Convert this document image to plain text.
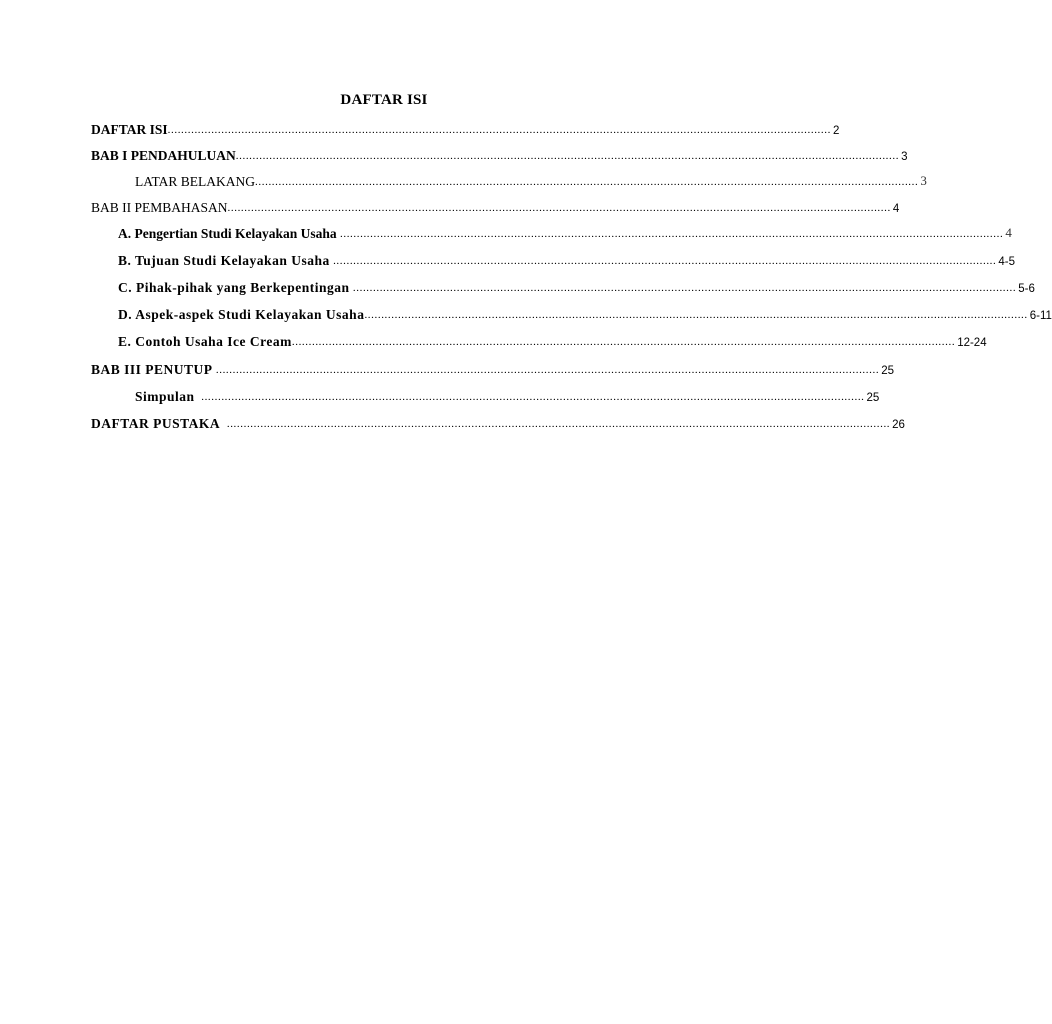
DAFTAR ISI
DAFTAR ISI ...................................................................................................................................................................................................... 2
BAB I PENDAHULUAN ...................................................................................................................................................................................................... 3
LATAR BELAKANG ...................................................................................................................................................................................................... 3
BAB II PEMBAHASAN ...................................................................................................................................................................................................... 4
A. Pengertian Studi Kelayakan Usaha ...................................................................................................................................................................................................... 4
B. Tujuan Studi Kelayakan Usaha ...................................................................................................................................................................................................... 4-5
C. Pihak-pihak yang Berkepentingan ...................................................................................................................................................................................................... 5-6
D. Aspek-aspek Studi Kelayakan Usaha ...................................................................................................................................................................................................... 6-11
E. Contoh Usaha Ice Cream ...................................................................................................................................................................................................... 12-24
BAB III PENUTUP ...................................................................................................................................................................................................... 25
Simpulan ...................................................................................................................................................................................................... 25
DAFTAR PUSTAKA ...................................................................................................................................................................................................... 26
